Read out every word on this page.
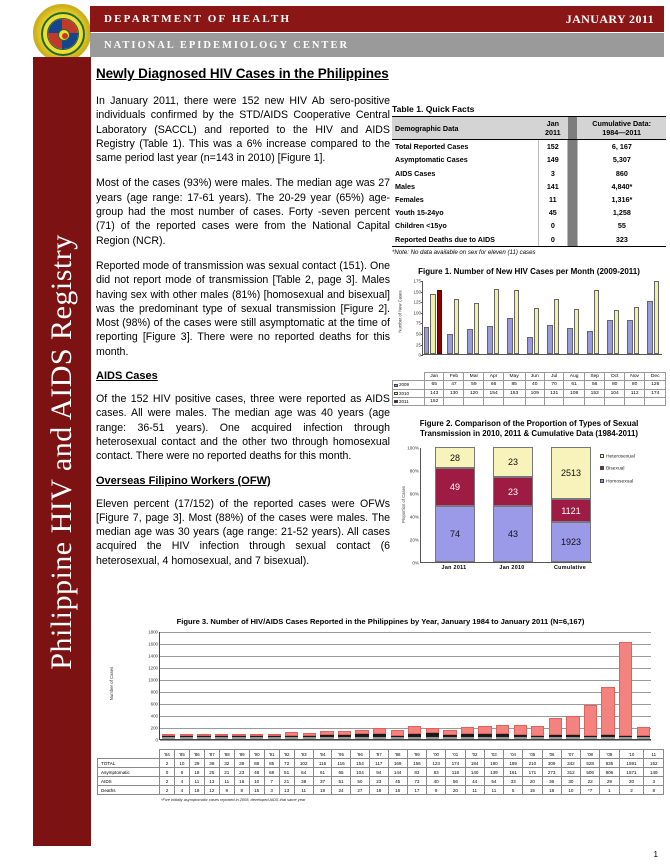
DEPARTMENT OF HEALTH	JANUARY 2011
NATIONAL EPIDEMIOLOGY CENTER
Philippine HIV and AIDS Registry
Newly Diagnosed HIV Cases in the Philippines

In January 2011, there were 152 new HIV Ab sero-positive individuals confirmed by the STD/AIDS Cooperative Central Laboratory (SACCL) and reported to the HIV and AIDS Registry (Table 1). This was a 6% increase compared to the same period last year (n=143 in 2010) [Figure 1].

Most of the cases (93%) were males. The median age was 27 years (age range: 17-61 years). The 20-29 year (65%) age-group had the most number of cases. Forty -seven percent (71) of the reported cases were from the National Capital Region (NCR).

Reported mode of transmission was sexual contact (151). One did not report mode of transmission [Table 2, page 3]. Males having sex with other males (81%) [homosexual and bisexual] was the predominant type of sexual transmission [Figure 2]. Most (98%) of the cases were still asymptomatic at the time of reporting [Figure 3]. There were no reported deaths for this month.

AIDS Cases

Of the 152 HIV positive cases, three were reported as AIDS cases. All were males. The median age was 40 years (age range: 36-51 years). One acquired infection through heterosexual contact and the other two through homosexual contact. There were no reported deaths for this month.

Overseas Filipino Workers (OFW)

Eleven percent (17/152) of the reported cases were OFWs [Figure 7, page 3]. Most (88%) of the cases were males. The median age was 30 years (age range: 21-52 years). All cases acquired the HIV infection through sexual contact (6 heterosexual, 4 homosexual, and 7 bisexual).

Table 1. Quick Facts
Demographic Data	Jan
2011		Cumulative Data:
1984—2011
Total Reported Cases	152		6, 167
Asymptomatic Cases	149		5,307
AIDS Cases	3		860
Males	141		4,840*
Females	11		1,316*
Youth 15-24yo	45		1,258
Children <15yo	0		55
Reported Deaths due to AIDS	0		323
*Note: No data available on sex for eleven (11) cases
Figure 1. Number of New HIV Cases per Month (2009-2011)
Number of New Cases
0
25
50
75
100
125
150
175
	Jan	Feb	Mar	Apr	May	Jun	Jul	Aug	Sep	Oct	Nov	Dec
2009	65	47	59	66	85	40	70	61	56	80	80	126
2010	143	130	120	154	153	109	131	108	153	104	112	174
2011	152											
Figure 2. Comparison of the Proportion of Types of Sexual
Transmission in 2010, 2011 & Cumulative Data (1984-2011)
Proportion of Cases
0%
20%
40%
60%
80%
100%
28
49
74
23
23
43
2513
1121
1923
Heterosexual
Bisexual
Homosexual
Jan 2011	Jan 2010	Cumulative
Figure 3. Number of HIV/AIDS Cases Reported in the Philippines by Year, January 1984 to January 2011 (N=6,167)
Number of Cases
0
200
400
600
800
1000
1200
1400
1600
1800
	'84	'85	'86	'87	'88	'89	'90	'91	'92	'93	'94	'95	'96	'97	'98	'99	'00	'01	'02	'03	'04	'05	'06	'07	'08	'09	'10	11
TOTAL	2	10	29	38	32	39	88	85	72	102	116	116	154	117	169	156	123	174	184	190	189	210	309	342	528	835	1591	152
Asymptomatic	0	6	18	25	21	23	48	68	51	64	61	65	104	94	144	83	83	118	140	139	161	171	273	312	506	806	1571	149
AIDS	2	4	11	13	11	16	10	7	21	38	37	51	50	23	45	73	40	56	44	54	33	20	36	30	22	29	20	3
Deaths	2	4	18	12	9	8	15	3	13	11	19	24	27	18	16	17	9	20	11	11	5	15	18	10	*7	1	2	8
*Five initially asymptomatic cases reported in 2008, developed AIDS that same year
1
